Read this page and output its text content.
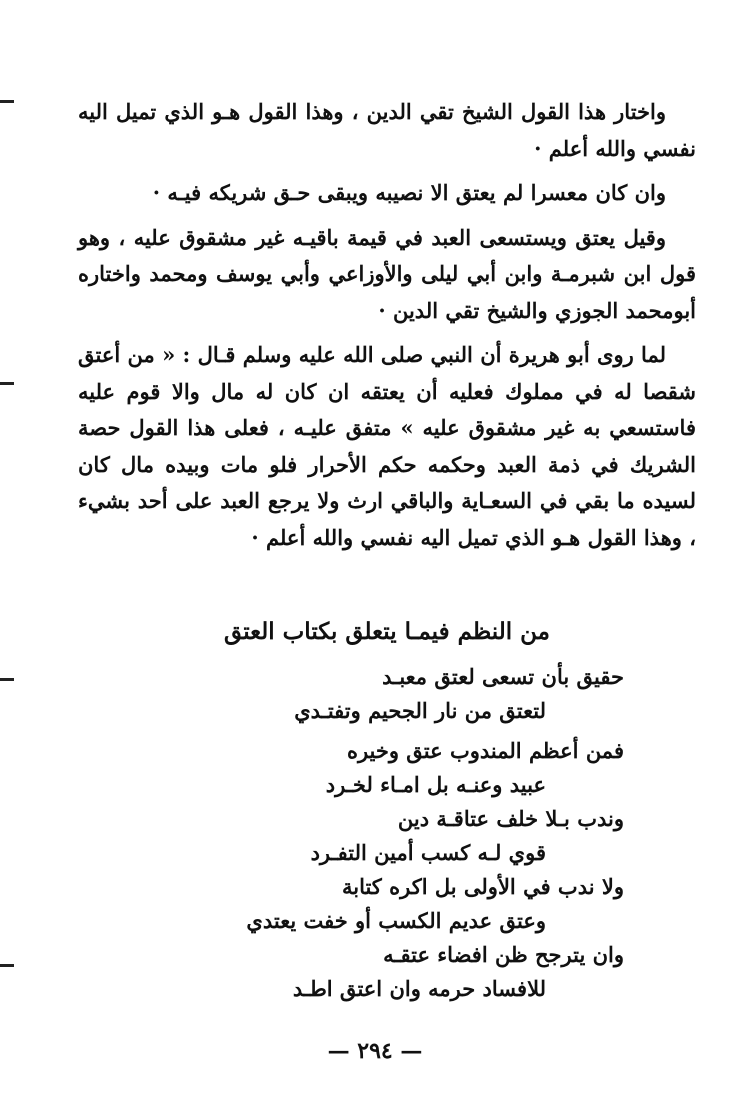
واختار هذا القول الشيخ تقي الدين ، وهذا القول هـو الذي تميل اليه نفسي والله أعلم ·

وان كان معسرا لم يعتق الا نصيبه ويبقى حـق شريكه فيـه ·

وقيل يعتق ويستسعى العبد في قيمة باقيـه غير مشقوق عليه ، وهو قول ابن شبرمـة وابن أبي ليلى والأوزاعي وأبي يوسف ومحمد واختاره أبومحمد الجوزي والشيخ تقي الدين ·

لما روى أبو هريرة أن النبي صلى الله عليه وسلم قـال : « من أعتق شقصا له في مملوك فعليه أن يعتقه ان كان له مال والا قوم عليه فاستسعي به غير مشقوق عليه » متفق عليـه ، فعلى هذا القول حصة الشريك في ذمة العبد وحكمه حكم الأحرار فلو مات وبيده مال كان لسيده ما بقي في السعـاية والباقي ارث ولا يرجع العبد على أحد بشيء ، وهذا القول هـو الذي تميل اليه نفسي والله أعلم ·

من النظم فيمـا يتعلق بكتاب العتق
حقيق بأن تسعى لعتق معبـد
لتعتق من نار الجحيم وتفتـدي
فمن أعظم المندوب عتق وخيره
عبيد وعنـه بل امـاء لخـرد
وندب بـلا خلف عتاقـة دين
قوي لـه كسب أمين التفـرد
ولا ندب في الأولى بل اكره كتابة
وعتق عديم الكسب أو خفت يعتدي
وان يترجح ظن افضاء عتقـه
للافساد حرمه وان اعتق اطـد
— ٢٩٤ —
